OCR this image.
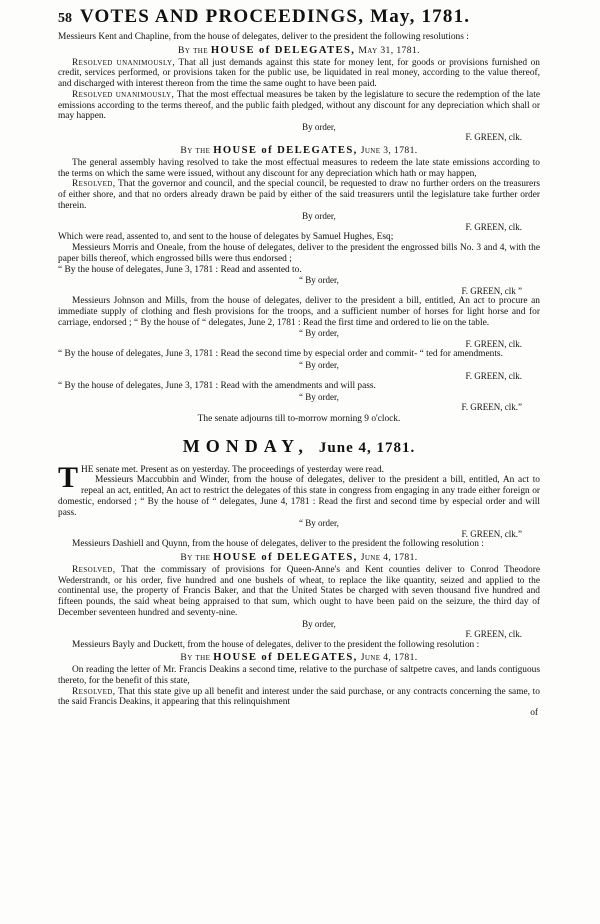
58 VOTES AND PROCEEDINGS, May, 1781.

Messieurs Kent and Chapline, from the house of delegates, deliver to the president the following resolutions :

By the HOUSE of DELEGATES, May 31, 1781.

Resolved unanimously, That all just demands against this state for money lent, for goods or provisions furnished on credit, services performed, or provisions taken for the public use, be liquidated in real money, according to the value thereof, and discharged with interest thereon from the time the same ought to have been paid.

Resolved unanimously, That the most effectual measures be taken by the legislature to secure the redemption of the late emissions according to the terms thereof, and the public faith pledged, without any discount for any depreciation which shall or may happen.

By order,

F. GREEN, clk.

By the HOUSE of DELEGATES, June 3, 1781.

The general assembly having resolved to take the most effectual measures to redeem the late state emissions according to the terms on which the same were issued, without any discount for any depreciation which hath or may happen,

Resolved, That the governor and council, and the special council, be requested to draw no further orders on the treasurers of either shore, and that no orders already drawn be paid by either of the said treasurers until the legislature take further order therein.

By order,

F. GREEN, clk.

Which were read, assented to, and sent to the house of delegates by Samuel Hughes, Esq;

Messieurs Morris and Oneale, from the house of delegates, deliver to the president the engrossed bills No. 3 and 4, with the paper bills thereof, which engrossed bills were thus endorsed ;

“ By the house of delegates, June 3, 1781 : Read and assented to.

“ By order,

F. GREEN, clk ”

Messieurs Johnson and Mills, from the house of delegates, deliver to the president a bill, entitled, An act to procure an immediate supply of clothing and flesh provisions for the troops, and a sufficient number of horses for light horse and for carriage, endorsed ; “ By the house of “ delegates, June 2, 1781 : Read the first time and ordered to lie on the table.

“ By order,

F. GREEN, clk.

“ By the house of delegates, June 3, 1781 : Read the second time by especial order and commit- “ ted for amendments.

“ By order,

F. GREEN, clk.

“ By the house of delegates, June 3, 1781 : Read with the amendments and will pass.

“ By order,

F. GREEN, clk.”

The senate adjourns till to-morrow morning 9 o'clock.

MONDAY, June 4, 1781.

THE senate met. Present as on yesterday. The proceedings of yesterday were read.

Messieurs Maccubbin and Winder, from the house of delegates, deliver to the president a bill, entitled, An act to repeal an act, entitled, An act to restrict the delegates of this state in congress from engaging in any trade either foreign or domestic, endorsed ; “ By the house of “ delegates, June 4, 1781 : Read the first and second time by especial order and will pass.

“ By order,

F. GREEN, clk.”

Messieurs Dashiell and Quynn, from the house of delegates, deliver to the president the following resolution :

By the HOUSE of DELEGATES, June 4, 1781.

Resolved, That the commissary of provisions for Queen-Anne's and Kent counties deliver to Conrod Theodore Wederstrandt, or his order, five hundred and one bushels of wheat, to replace the like quantity, seized and applied to the continental use, the property of Francis Baker, and that the United States be charged with seven thousand five hundred and fifteen pounds, the said wheat being appraised to that sum, which ought to have been paid on the seizure, the third day of December seventeen hundred and seventy-nine.

By order,

F. GREEN, clk.

Messieurs Bayly and Duckett, from the house of delegates, deliver to the president the following resolution :

By the HOUSE of DELEGATES, June 4, 1781.

On reading the letter of Mr. Francis Deakins a second time, relative to the purchase of saltpetre caves, and lands contiguous thereto, for the benefit of this state,

Resolved, That this state give up all benefit and interest under the said purchase, or any contracts concerning the same, to the said Francis Deakins, it appearing that this relinquishment

of
